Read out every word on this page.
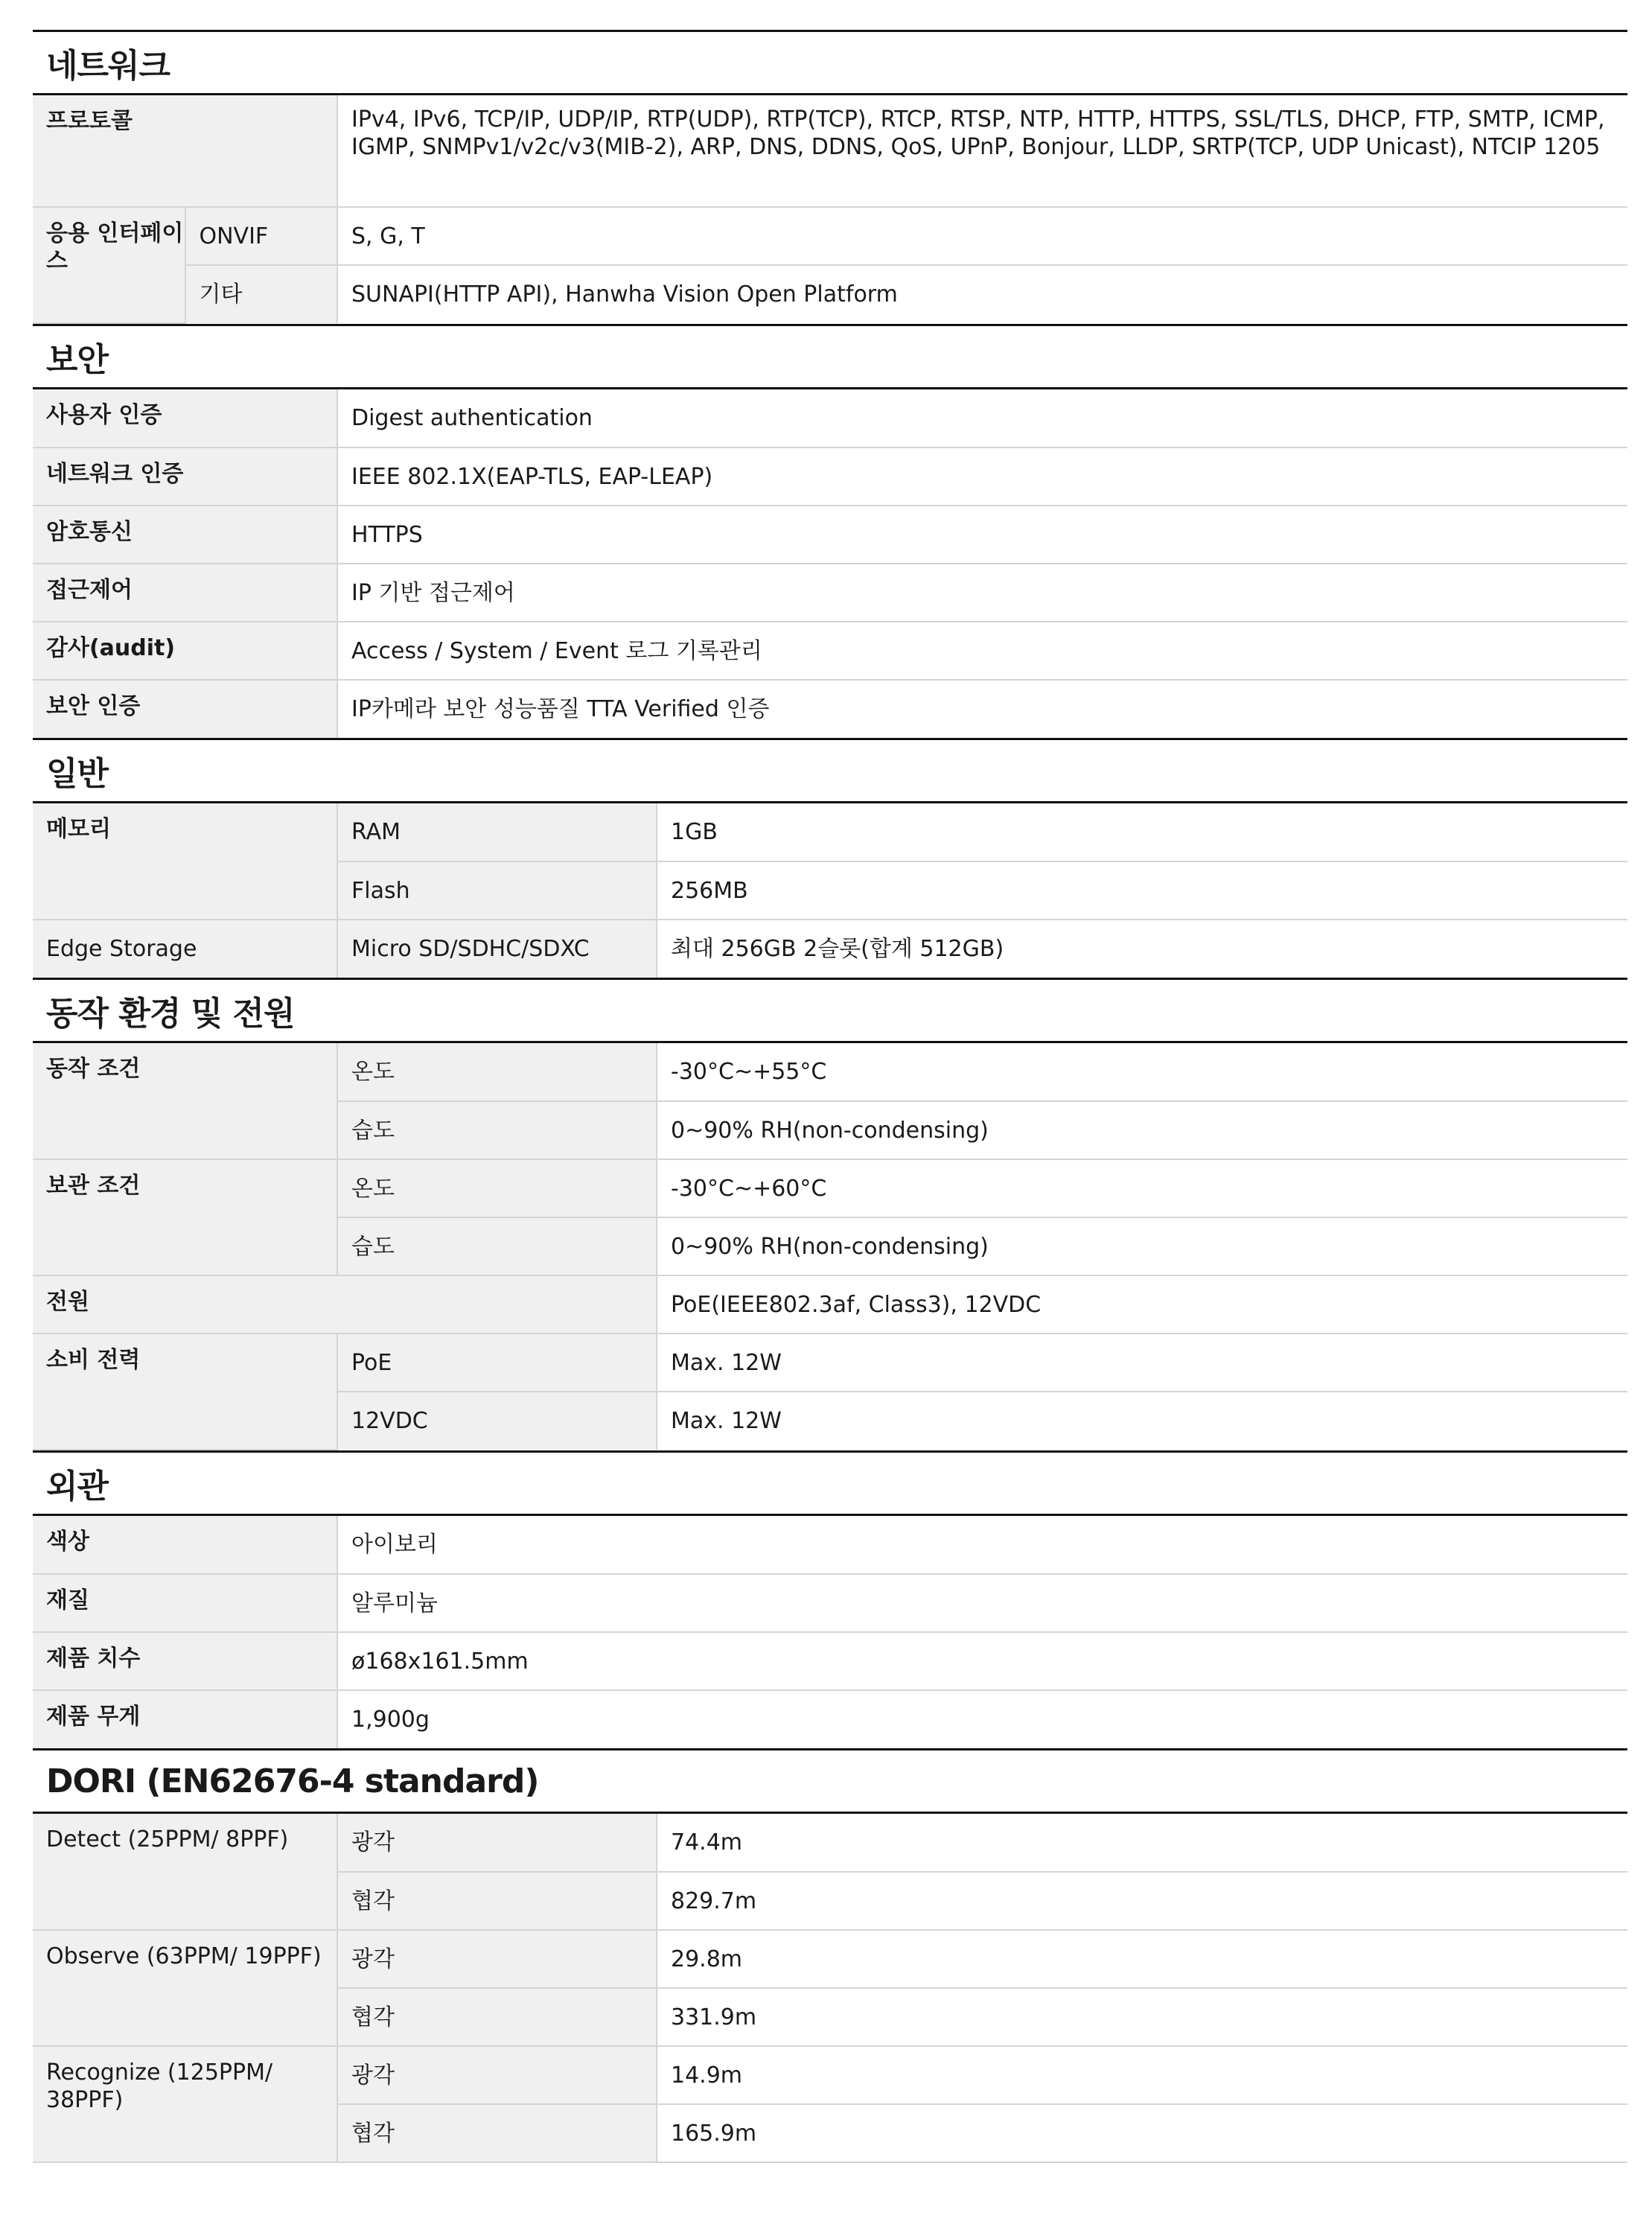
네트워크
프로토콜		IPv4, IPv6, TCP/IP, UDP/IP, RTP(UDP), RTP(TCP), RTCP, RTSP, NTP, HTTP, HTTPS, SSL/TLS, DHCP, FTP, SMTP, ICMP, IGMP, SNMPv1/v2c/v3(MIB-2), ARP, DNS, DDNS, QoS, UPnP, Bonjour, LLDP, SRTP(TCP, UDP Unicast), NTCIP 1205
응용 인터페이스	ONVIF	S, G, T
	기타	SUNAPI(HTTP API), Hanwha Vision Open Platform
보안
사용자 인증	Digest authentication
네트워크 인증	IEEE 802.1X(EAP-TLS, EAP-LEAP)
암호통신	HTTPS
접근제어	IP 기반 접근제어
감사(audit)	Access / System / Event 로그 기록관리
보안 인증	IP카메라 보안 성능품질 TTA Verified 인증
일반
메모리	RAM	1GB
	Flash	256MB
Edge Storage	Micro SD/SDHC/SDXC	최대 256GB 2슬롯(합계 512GB)
동작 환경 및 전원
동작 조건	온도	-30°C~+55°C
	습도	0~90% RH(non-condensing)
보관 조건	온도	-30°C~+60°C
	습도	0~90% RH(non-condensing)
전원		PoE(IEEE802.3af, Class3), 12VDC
소비 전력	PoE	Max. 12W
	12VDC	Max. 12W
외관
색상	아이보리
재질	알루미늄
제품 치수	ø168x161.5mm
제품 무게	1,900g
DORI (EN62676-4 standard)
Detect (25PPM/ 8PPF)	광각	74.4m
	협각	829.7m
Observe (63PPM/ 19PPF)	광각	29.8m
	협각	331.9m
Recognize (125PPM/ 38PPF)	광각	14.9m
	협각	165.9m
